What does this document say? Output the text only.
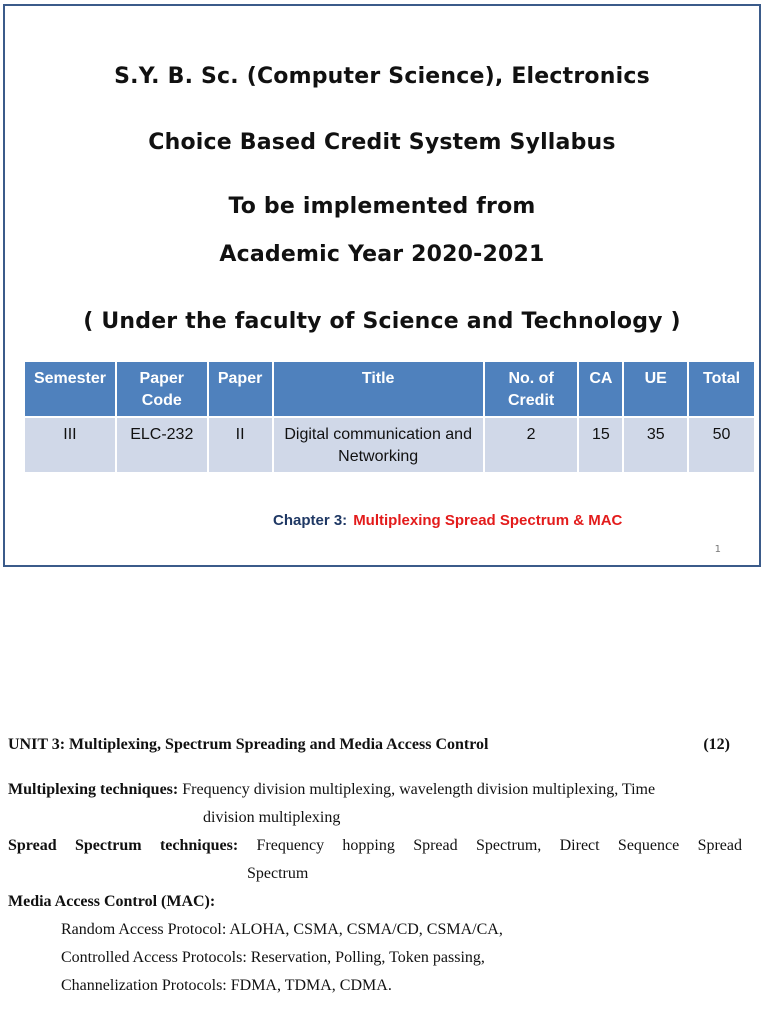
S.Y. B. Sc. (Computer Science), Electronics
Choice Based Credit System Syllabus
To be implemented from
Academic Year 2020-2021
( Under the faculty of Science and Technology )
Semester	Paper Code	Paper	Title	No. of Credit	CA	UE	Total
III	ELC-232	II	Digital communication and Networking	2	15	35	50
Chapter 3: Multiplexing Spread Spectrum & MAC
1
UNIT 3: Multiplexing, Spectrum Spreading and Media Access Control	(12)
Multiplexing techniques: Frequency division multiplexing, wavelength division multiplexing, Time
division multiplexing
Spread Spectrum techniques: Frequency hopping Spread Spectrum, Direct Sequence Spread
Spectrum
Media Access Control (MAC):
Random Access Protocol: ALOHA, CSMA, CSMA/CD, CSMA/CA,
Controlled Access Protocols: Reservation, Polling, Token passing,
Channelization Protocols: FDMA, TDMA, CDMA.
